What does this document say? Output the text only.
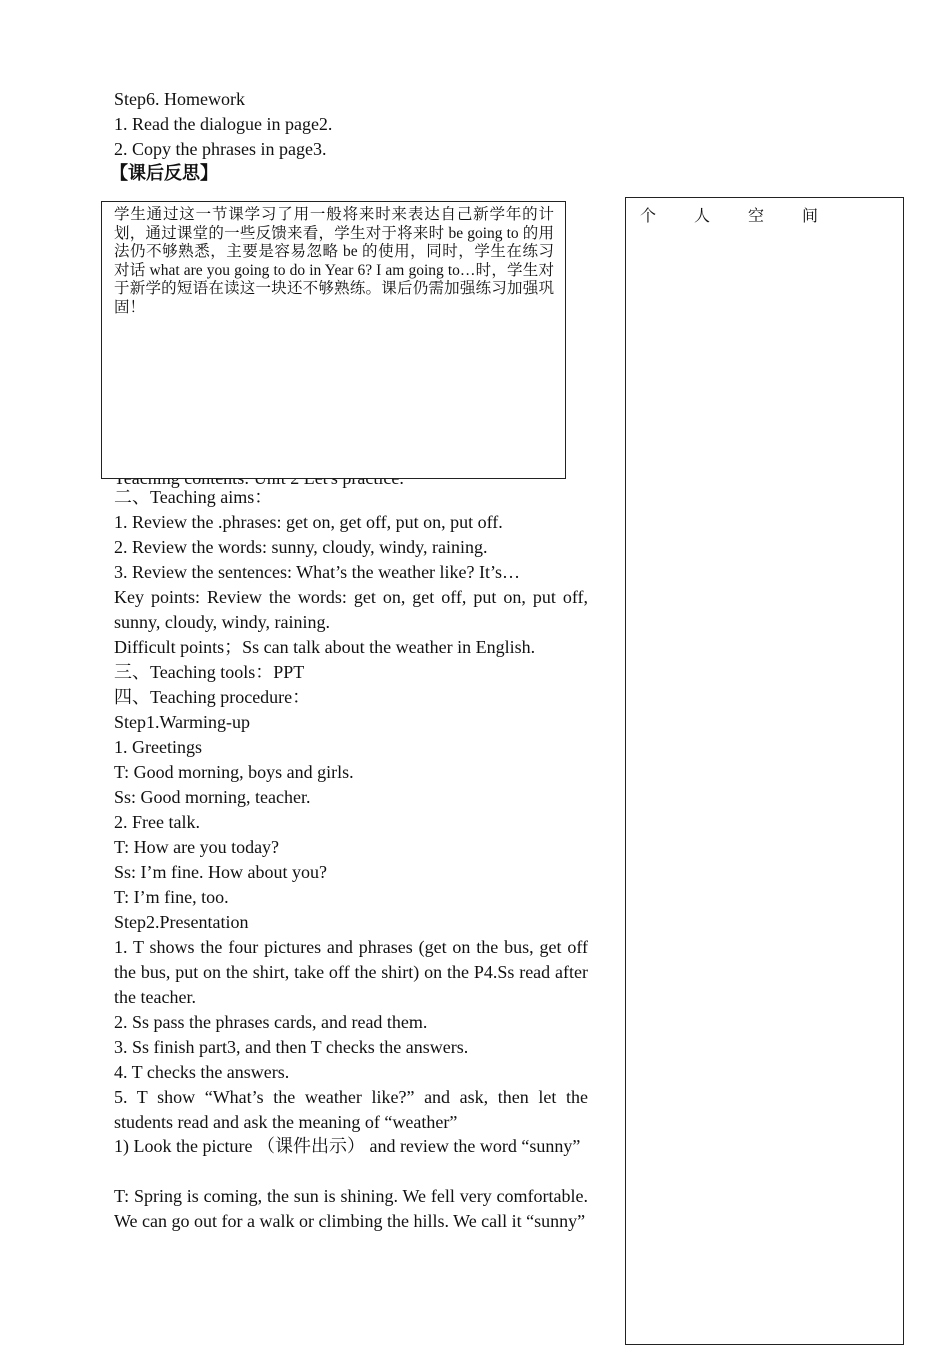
Step6. Homework
1. Read the dialogue in page2.
2. Copy the phrases in page3.
【课后反思】
学生通过这一节课学习了用一般将来时来表达自己新学年的计划，通过课堂的一些反馈来看，学生对于将来时 be going to 的用法仍不够熟悉，主要是容易忽略 be 的使用，同时，学生在练习对话 what are you going to do in Year 6? I am going to…时，学生对于新学的短语在读这一块还不够熟练。课后仍需加强练习加强巩固！
个人空间
二、Teaching aims：
1. Review the .phrases: get on, get off, put on, put off.
2. Review the words: sunny, cloudy, windy, raining.
3. Review the sentences: What’s the weather like? It’s…
Key points: Review the words: get on, get off, put on, put off, sunny, cloudy, windy, raining.
Difficult points；Ss can talk about the weather in English.
三、Teaching tools：PPT
四、Teaching procedure：
Step1.Warming-up
1. Greetings
T: Good morning, boys and girls.
Ss: Good morning, teacher.
2. Free talk.
T: How are you today?
Ss: I’m fine. How about you?
T: I’m fine, too.
Step2.Presentation
1. T shows the four pictures and phrases (get on the bus, get off the bus, put on the shirt, take off the shirt) on the P4.Ss read after the teacher.
2. Ss pass the phrases cards, and read them.
3. Ss finish part3, and then T checks the answers.
4. T checks the answers.
5. T show “What’s the weather like?” and ask, then let the students read and ask the meaning of “weather”
1) Look the picture （课件出示） and review the word “sunny”
T: Spring is coming, the sun is shining. We fell very comfortable. We can go out for a walk or climbing the hills. We call it “sunny”
